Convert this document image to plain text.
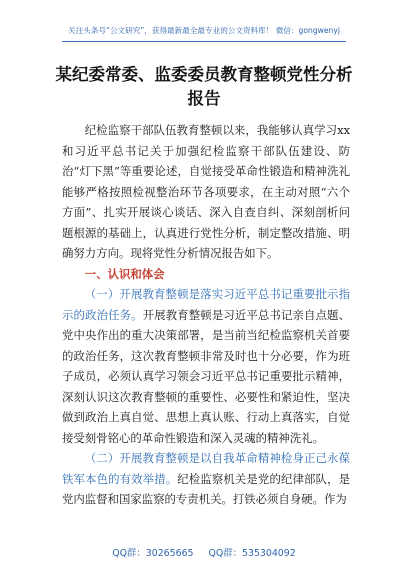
关注头条号“公文研究”，获得最新最全最专业的公文资料库！ 微信：gongwenyj
某纪委常委、监委委员教育整顿党性分析
报告

纪检监察干部队伍教育整顿以来，我能够认真学习xx和习近平总书记关于加强纪检监察干部队伍建设、防治“灯下黑”等重要论述，自觉接受革命性锻造和精神洗礼能够严格按照检视整治环节各项要求，在主动对照“六个方面”、扎实开展谈心谈话、深入自查自纠、深刻剖析问题根源的基础上，认真进行党性分析，制定整改措施、明确努力方向。现将党性分析情况报告如下。

一、认识和体会

（一）开展教育整顿是落实习近平总书记重要批示指示的政治任务。开展教育整顿是习近平总书记亲自点题、党中央作出的重大决策部署，是当前当纪检监察机关首要的政治任务，这次教育整顿非常及时也十分必要，作为班子成员，必须认真学习领会习近平总书记重要批示精神，深刻认识这次教育整顿的重要性、必要性和紧迫性，坚决做到政治上真自觉、思想上真认账、行动上真落实，自觉接受刻骨铭心的革命性锻造和深入灵魂的精神洗礼。

（二）开展教育整顿是以自我革命精神检身正己永葆铁军本色的有效举措。纪检监察机关是党的纪律部队，是党内监督和国家监察的专责机关。打铁必须自身硬。作为

QQ群：30265665 QQ群：535304092
